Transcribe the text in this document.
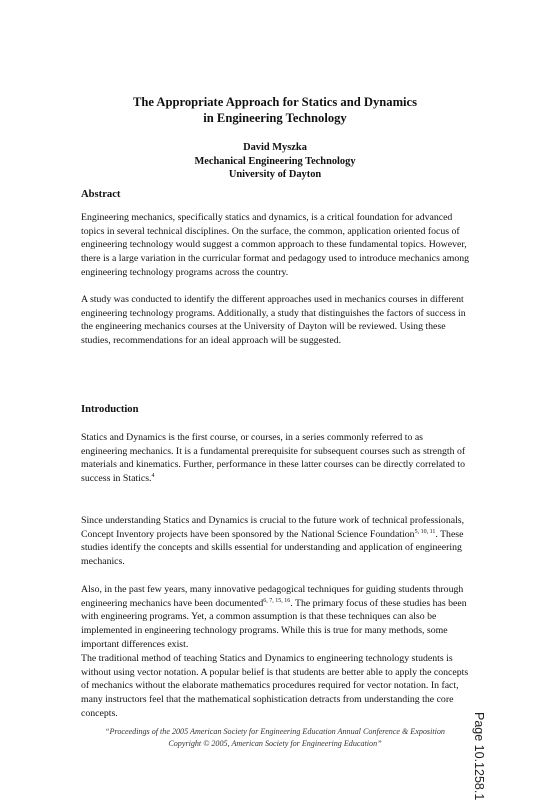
The Appropriate Approach for Statics and Dynamics
in Engineering Technology
David Myszka
Mechanical Engineering Technology
University of Dayton
Abstract

Engineering mechanics, specifically statics and dynamics, is a critical foundation for advanced topics in several technical disciplines. On the surface, the common, application oriented focus of engineering technology would suggest a common approach to these fundamental topics. However, there is a large variation in the curricular format and pedagogy used to introduce mechanics among engineering technology programs across the country.

A study was conducted to identify the different approaches used in mechanics courses in different engineering technology programs. Additionally, a study that distinguishes the factors of success in the engineering mechanics courses at the University of Dayton will be reviewed. Using these studies, recommendations for an ideal approach will be suggested.

Introduction

Statics and Dynamics is the first course, or courses, in a series commonly referred to as engineering mechanics. It is a fundamental prerequisite for subsequent courses such as strength of materials and kinematics. Further, performance in these latter courses can be directly correlated to success in Statics.$^4$

Since understanding Statics and Dynamics is crucial to the future work of technical professionals, Concept Inventory projects have been sponsored by the National Science Foundation$^{5, 10, 11}$. These studies identify the concepts and skills essential for understanding and application of engineering mechanics.

Also, in the past few years, many innovative pedagogical techniques for guiding students through engineering mechanics have been documented$^{6, 7, 15, 16}$. The primary focus of these studies has been with engineering programs. Yet, a common assumption is that these techniques can also be implemented in engineering technology programs. While this is true for many methods, some important differences exist.

The traditional method of teaching Statics and Dynamics to engineering technology students is without using vector notation. A popular belief is that students are better able to apply the concepts of mechanics without the elaborate mathematics procedures required for vector notation. In fact, many instructors feel that the mathematical sophistication detracts from understanding the core concepts.

“Proceedings of the 2005 American Society for Engineering Education Annual Conference & Exposition
Copyright © 2005, American Society for Engineering Education”	Page 10.1258.1
